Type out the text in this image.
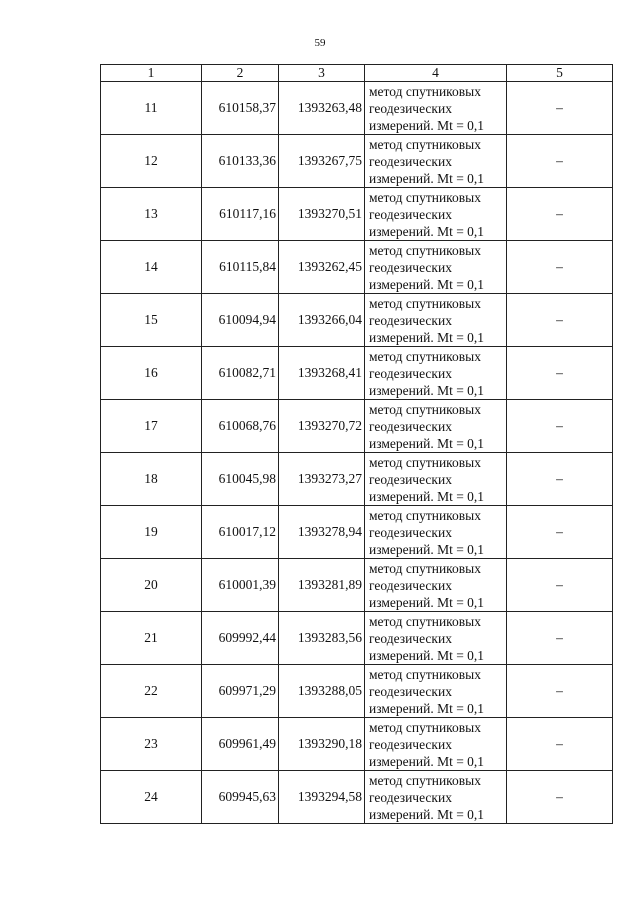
59
1	2	3	4	5
11	610158,37	1393263,48	метод спутниковых
геодезических
измерений. Mt = 0,1	–
12	610133,36	1393267,75	метод спутниковых
геодезических
измерений. Mt = 0,1	–
13	610117,16	1393270,51	метод спутниковых
геодезических
измерений. Mt = 0,1	–
14	610115,84	1393262,45	метод спутниковых
геодезических
измерений. Mt = 0,1	–
15	610094,94	1393266,04	метод спутниковых
геодезических
измерений. Mt = 0,1	–
16	610082,71	1393268,41	метод спутниковых
геодезических
измерений. Mt = 0,1	–
17	610068,76	1393270,72	метод спутниковых
геодезических
измерений. Mt = 0,1	–
18	610045,98	1393273,27	метод спутниковых
геодезических
измерений. Mt = 0,1	–
19	610017,12	1393278,94	метод спутниковых
геодезических
измерений. Mt = 0,1	–
20	610001,39	1393281,89	метод спутниковых
геодезических
измерений. Mt = 0,1	–
21	609992,44	1393283,56	метод спутниковых
геодезических
измерений. Mt = 0,1	–
22	609971,29	1393288,05	метод спутниковых
геодезических
измерений. Mt = 0,1	–
23	609961,49	1393290,18	метод спутниковых
геодезических
измерений. Mt = 0,1	–
24	609945,63	1393294,58	метод спутниковых
геодезических
измерений. Mt = 0,1	–
